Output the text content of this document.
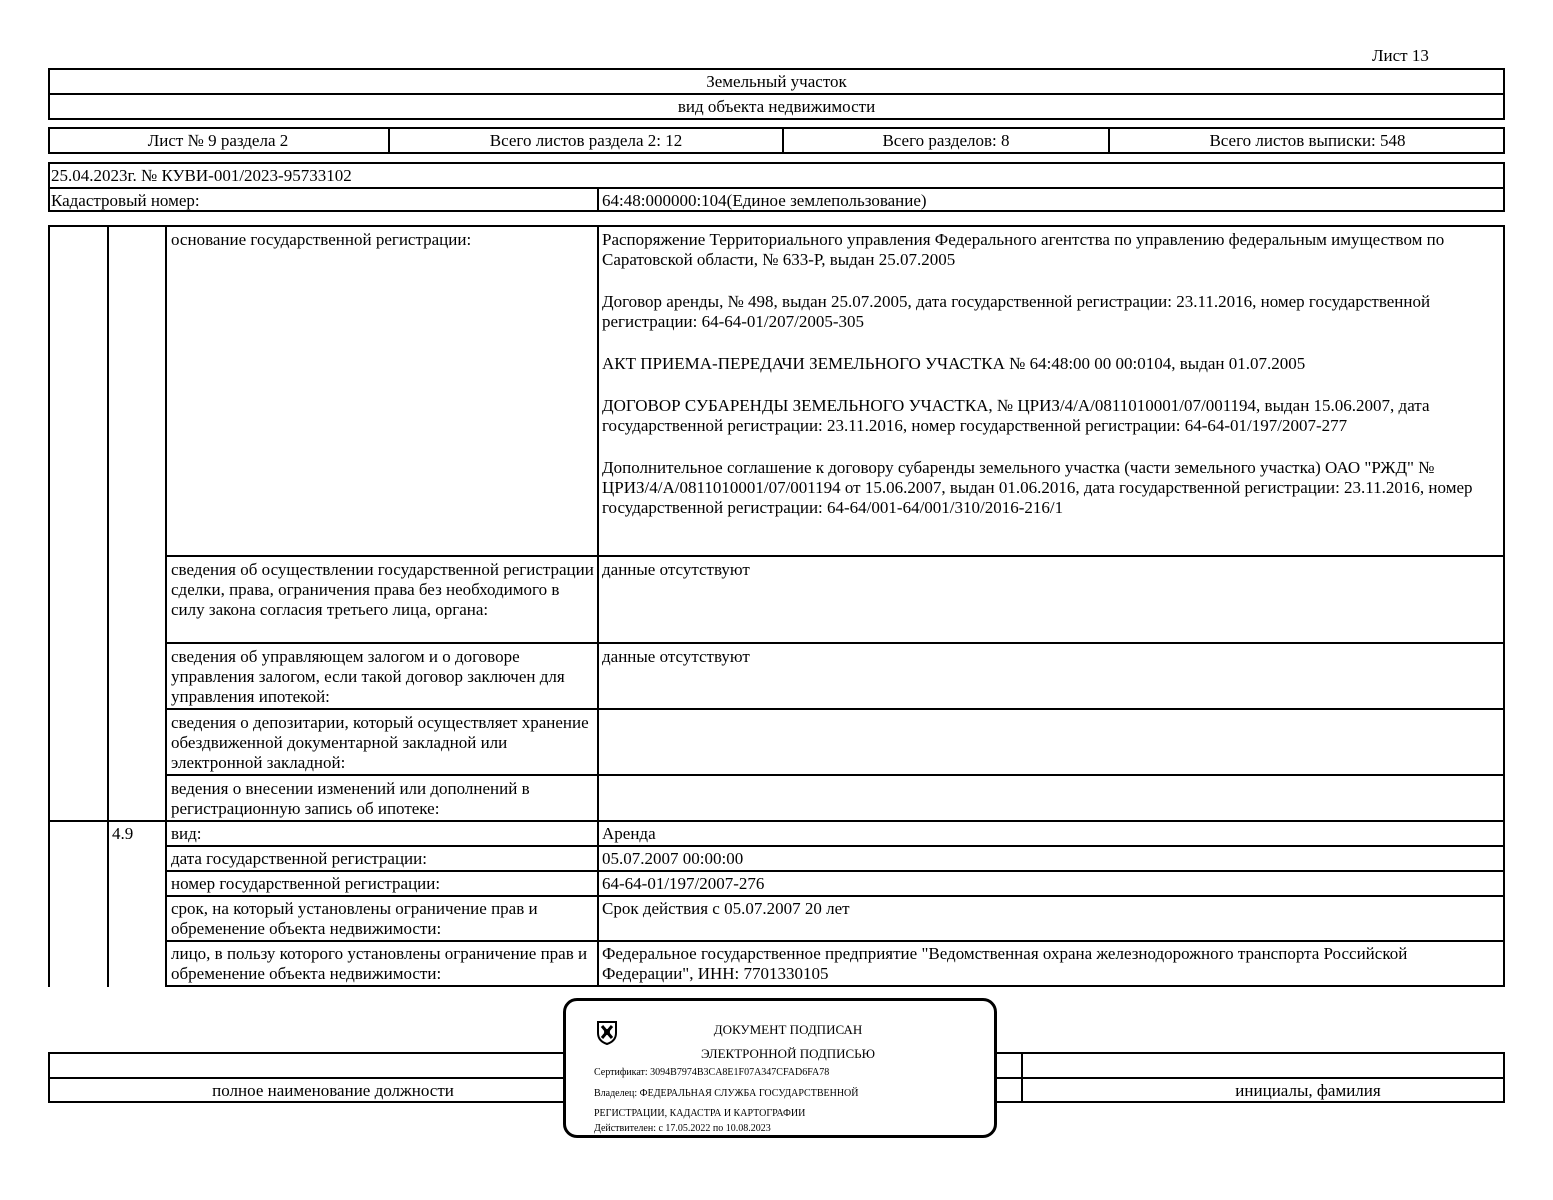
Лист 13
Земельный участок
вид объекта недвижимости
Лист № 9 раздела 2	Всего листов раздела 2: 12	Всего разделов: 8	Всего листов выписки: 548
25.04.2023г. № КУВИ-001/2023-95733102
Кадастровый номер:	64:48:000000:104(Единое землепользование)
основание государственной регистрации:	Распоряжение Территориального управления Федерального агентства по управлению федеральным имуществом по Саратовской области, № 633-Р, выдан 25.07.2005

Договор аренды, № 498, выдан 25.07.2005, дата государственной регистрации: 23.11.2016, номер государственной регистрации: 64-64-01/207/2005-305

АКТ ПРИЕМА-ПЕРЕДАЧИ ЗЕМЕЛЬНОГО УЧАСТКА № 64:48:00 00 00:0104, выдан 01.07.2005

ДОГОВОР СУБАРЕНДЫ ЗЕМЕЛЬНОГО УЧАСТКА, № ЦРИЗ/4/А/0811010001/07/001194, выдан 15.06.2007, дата государственной регистрации: 23.11.2016, номер государственной регистрации: 64-64-01/197/2007-277

Дополнительное соглашение к договору субаренды земельного участка (части земельного участка) ОАО "РЖД" № ЦРИЗ/4/А/0811010001/07/001194 от 15.06.2007, выдан 01.06.2016, дата государственной регистрации: 23.11.2016, номер государственной регистрации: 64-64/001-64/001/310/2016-216/1

сведения об осуществлении государственной регистрации сделки, права, ограничения права без необходимого в силу закона согласия третьего лица, органа:
данные отсутствуют
сведения об управляющем залогом и о договоре управления залогом, если такой договор заключен для управления ипотекой:
данные отсутствуют
сведения о депозитарии, который осуществляет хранение обездвиженной документарной закладной или электронной закладной:
ведения о внесении изменений или дополнений в регистрационную запись об ипотеке:
4.9	вид:	Аренда
дата государственной регистрации:	05.07.2007 00:00:00
номер государственной регистрации:	64-64-01/197/2007-276
срок, на который установлены ограничение прав и обременение объекта недвижимости:
Срок действия с 05.07.2007 20 лет
лицо, в пользу которого установлены ограничение прав и обременение объекта недвижимости:
Федеральное государственное предприятие "Ведомственная охрана железнодорожного транспорта Российской Федерации", ИНН: 7701330105
полное наименование должности	инициалы, фамилия
ДОКУМЕНТ ПОДПИСАН
ЭЛЕКТРОННОЙ ПОДПИСЬЮ
Сертификат: 3094B7974B3CA8E1F07A347CFAD6FA78
Владелец: ФЕДЕРАЛЬНАЯ СЛУЖБА ГОСУДАРСТВЕННОЙ
РЕГИСТРАЦИИ, КАДАСТРА И КАРТОГРАФИИ
Действителен: с 17.05.2022 по 10.08.2023
